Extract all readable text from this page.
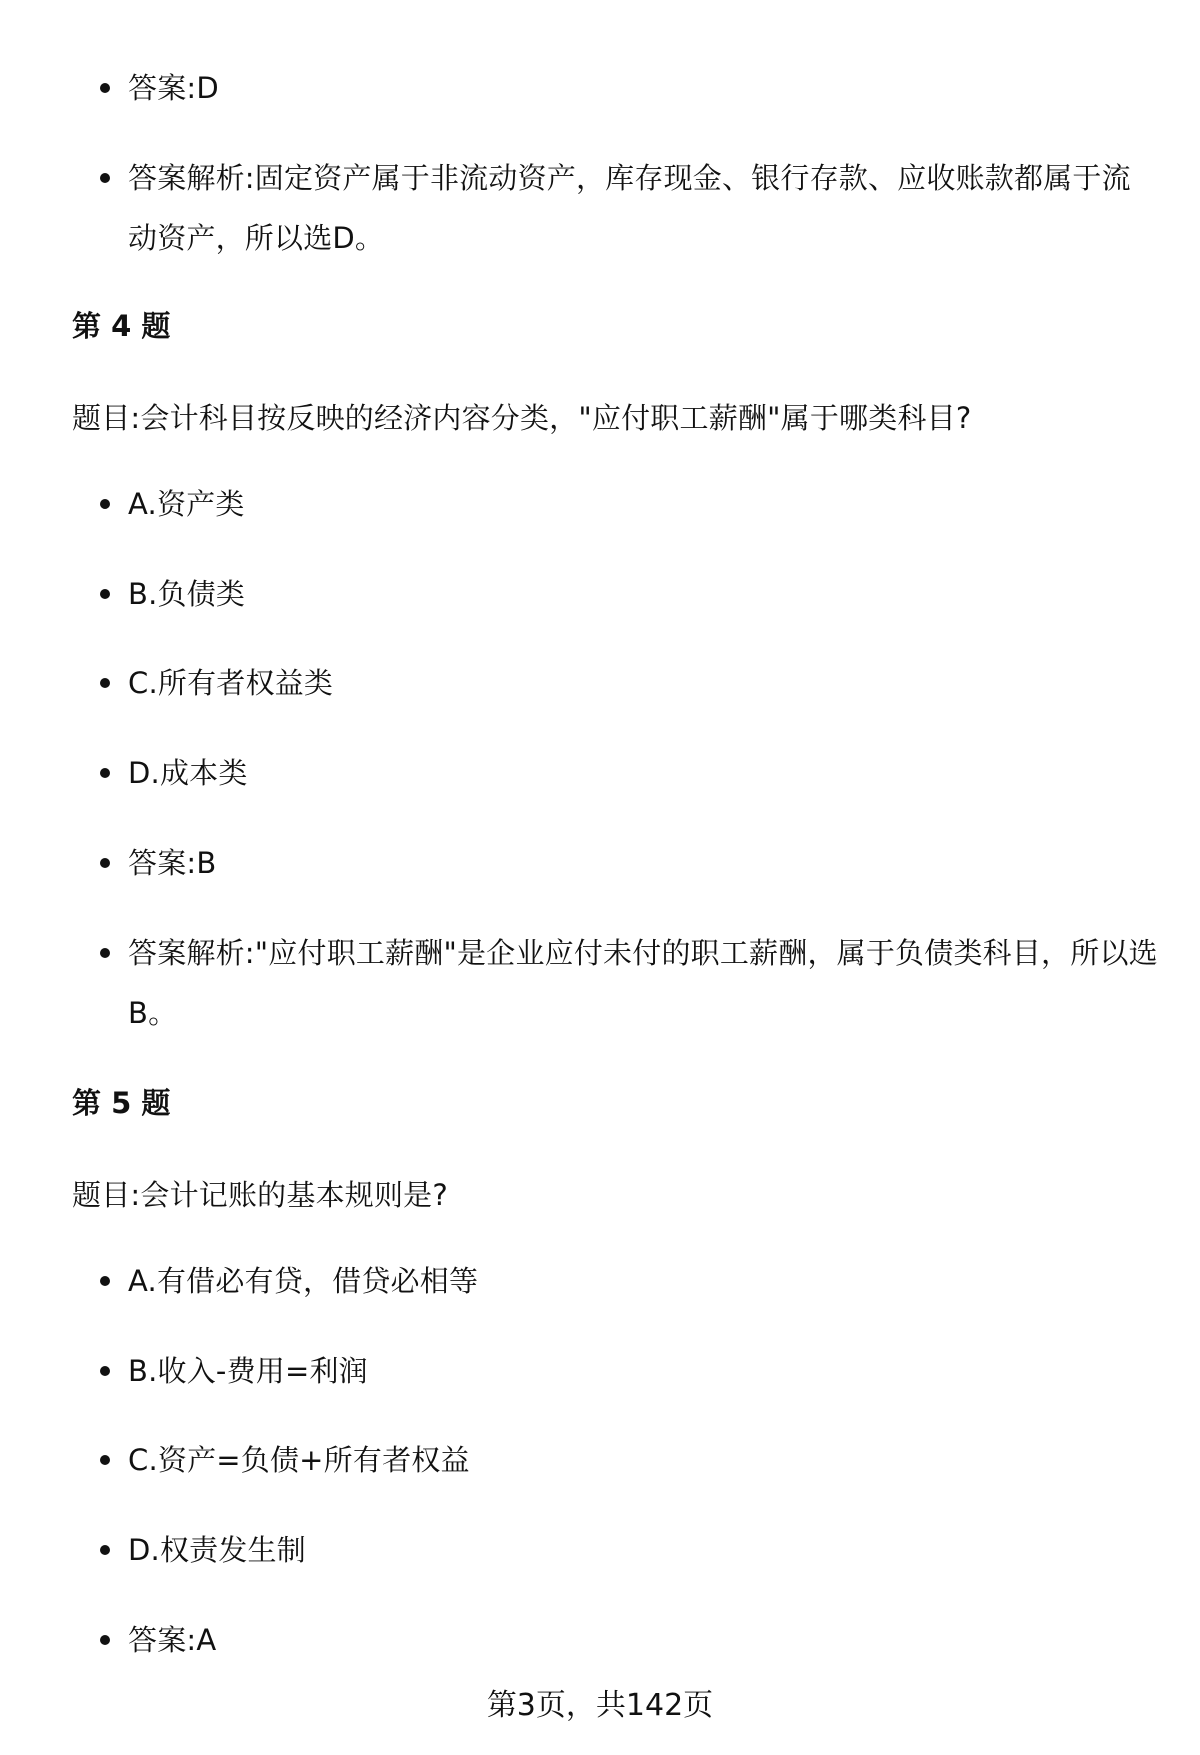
答案:D
答案解析:固定资产属于非流动资产，库存现金、银行存款、应收账款都属于流动资产，所以选D。
第 4 题
题目:会计科目按反映的经济内容分类，"应付职工薪酬"属于哪类科目?
A.资产类
B.负债类
C.所有者权益类
D.成本类
答案:B
答案解析:"应付职工薪酬"是企业应付未付的职工薪酬，属于负债类科目，所以选B。
第 5 题
题目:会计记账的基本规则是?
A.有借必有贷，借贷必相等
B.收入-费用=利润
C.资产=负债+所有者权益
D.权责发生制
答案:A
第3页，共142页
